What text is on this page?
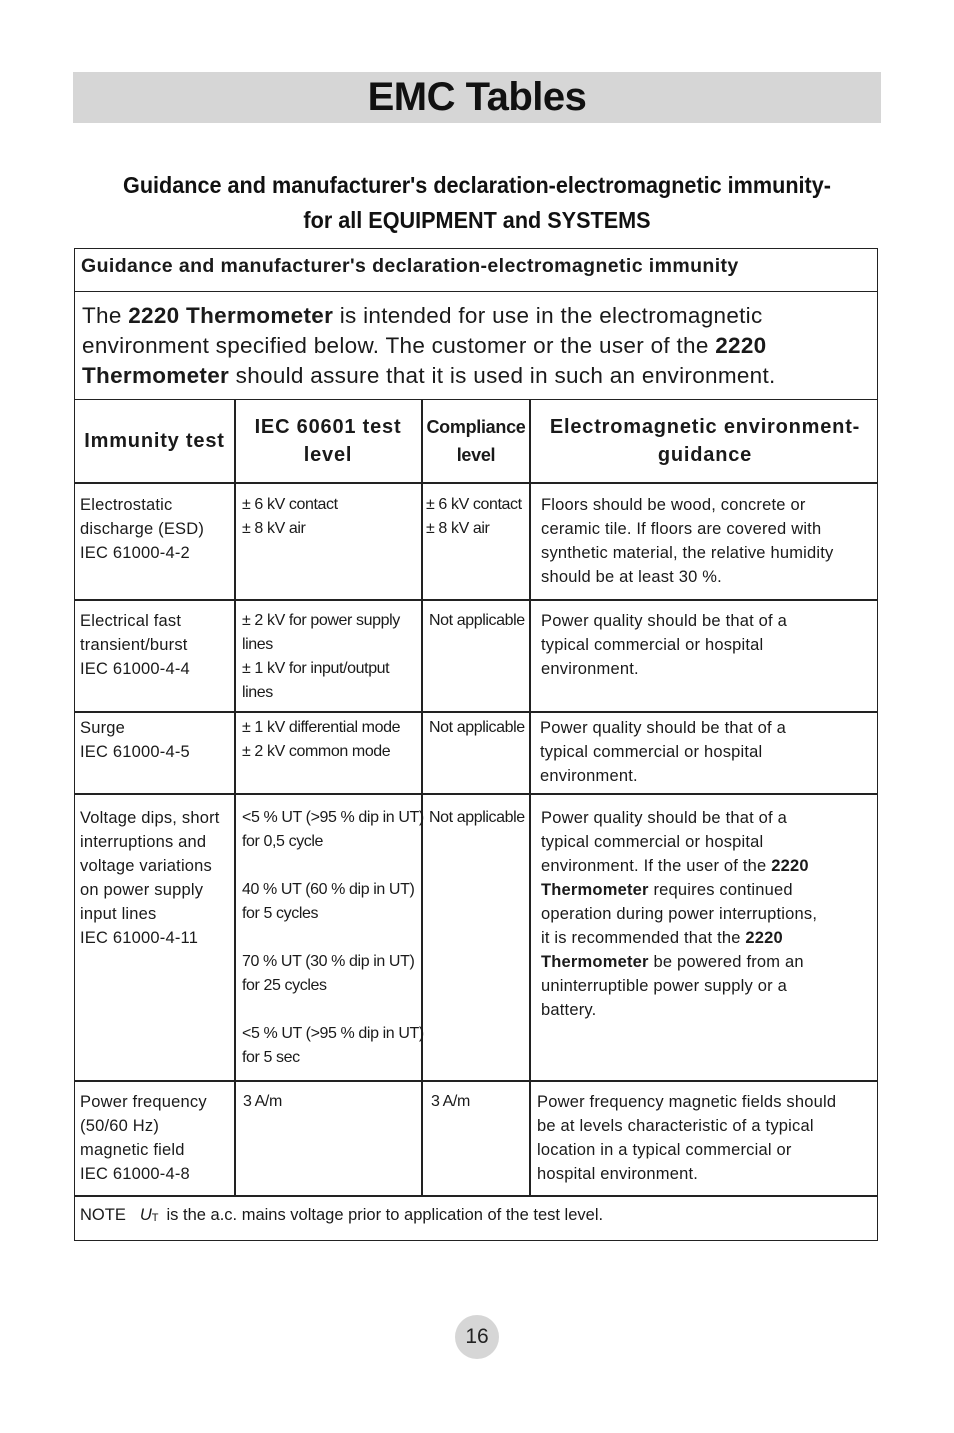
EMC Tables
Guidance and manufacturer's declaration-electromagnetic immunity-
for all EQUIPMENT and SYSTEMS
Guidance and manufacturer's declaration-electromagnetic immunity
The 2220 Thermometer is intended for use in the electromagnetic environment specified below. The customer or the user of the 2220 Thermometer should assure that it is used in such an environment.
Immunity test
IEC 60601 test level
Compliance level
Electromagnetic environment- guidance
Electrostatic
discharge (ESD)
IEC 61000-4-2
± 6 kV contact
± 8 kV air
± 6 kV contact
± 8 kV air
Floors should be wood, concrete or
ceramic tile. If floors are covered with
synthetic material, the relative humidity
should be at least 30 %.
Electrical fast
transient/burst
IEC 61000-4-4
± 2 kV for power supply
lines
± 1 kV for input/output
lines
Not applicable Power quality should be that of a
typical commercial or hospital
environment.
Surge
IEC 61000-4-5
± 1 kV differential mode
± 2 kV common mode
Not applicable Power quality should be that of a
typical commercial or hospital
environment.
Voltage dips, short
interruptions and
voltage variations
on power supply
input lines
IEC 61000-4-11
<5 % UT (>95 % dip in UT)
for 0,5 cycle
40 % UT (60 % dip in UT)
for 5 cycles
70 % UT (30 % dip in UT)
for 25 cycles
<5 % UT (>95 % dip in UT)
for 5 sec
Not applicable Power quality should be that of a
typical commercial or hospital
environment. If the user of the 2220
Thermometer requires continued
operation during power interruptions,
it is recommended that the 2220
Thermometer be powered from an
uninterruptible power supply or a
battery.
Power frequency
(50/60 Hz)
magnetic field
IEC 61000-4-8
3 A/m	3 A/m	Power frequency magnetic fields should
be at levels characteristic of a typical
location in a typical commercial or
hospital environment.
NOTE $U_T$ is the a.c. mains voltage prior to application of the test level.
16
